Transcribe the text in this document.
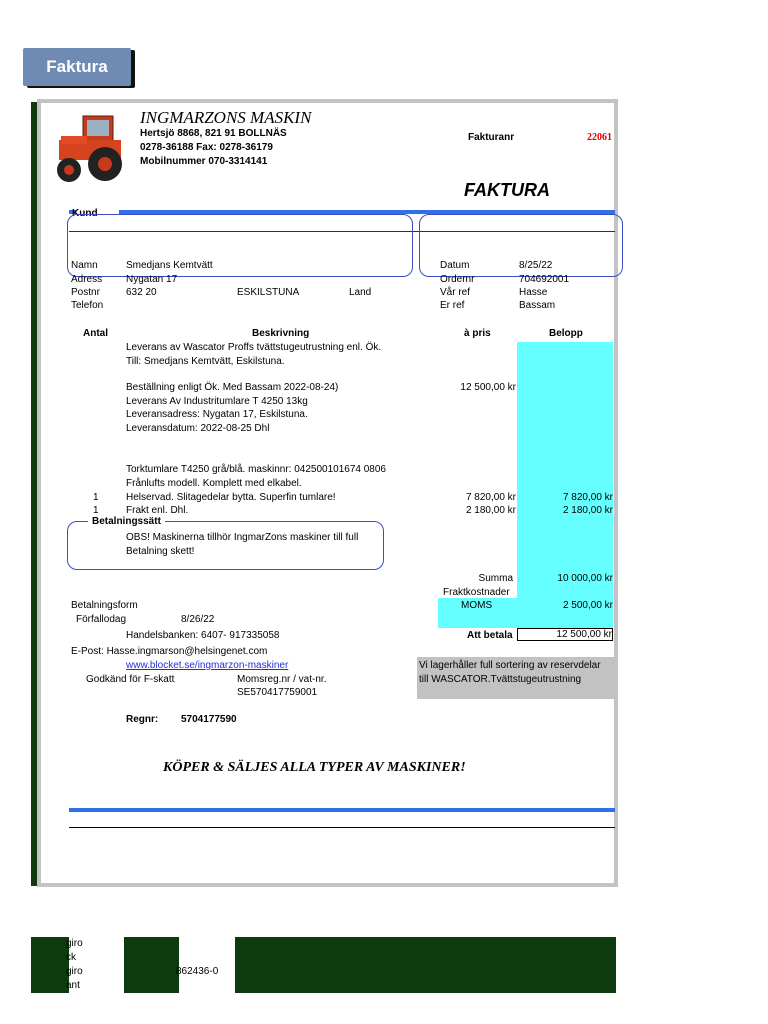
Faktura
INGMARZONS MASKIN
Hertsjö 8868, 821 91 BOLLNÄS
0278-36188 Fax: 0278-36179
Mobilnummer 070-3314141
Fakturanr	22061
FAKTURA
Kund
Namn	Smedjans Kemtvätt
Adress Nygatan 17
Postnr	632 20	ESKILSTUNA	Land
Telefon
Datum	8/25/22
Ordernr	704692001
Vår ref	Hasse
Er ref	Bassam
Antal	Beskrivning	à pris	Belopp
Leverans av Wascator Proffs tvättstugeutrustning enl. Ök.
Till: Smedjans Kemtvätt, Eskilstuna.
Beställning enligt Ök. Med Bassam 2022-08-24)	12 500,00 kr
Leverans Av Industritumlare T 4250 13kg
Leveransadress: Nygatan 17, Eskilstuna.
Leveransdatum: 2022-08-25 Dhl
Torktumlare T4250 grå/blå. maskinnr: 042500101674 0806
Frånlufts modell. Komplett med elkabel.
1	Helservad. Slitagedelar bytta. Superfin tumlare!	7 820,00 kr	7 820,00 kr
1	Frakt enl. Dhl.	2 180,00 kr	2 180,00 kr
Betalningssätt
OBS! Maskinerna tillhör IngmarZons maskiner till full
Betalning skett!
Summa	10 000,00 kr
Fraktkostnader
MOMS	2 500,00 kr
Att betala	12 500,00 kr
Betalningsform
Förfallodag	8/26/22
Handelsbanken: 6407- 917335058
E-Post: Hasse.ingmarson@helsingenet.com
www.blocket.se/ingmarzon-maskiner
Godkänd för F-skatt	Momsreg.nr / vat-nr.
SE570417759001
Regnr: 5704177590
Vi lagerhåller full sortering av reservdelar
till WASCATOR.Tvättstugeutrustning
KÖPER & SÄLJES ALLA TYPER AV MASKINER!
giro
ck
giro
ant
862436-0
